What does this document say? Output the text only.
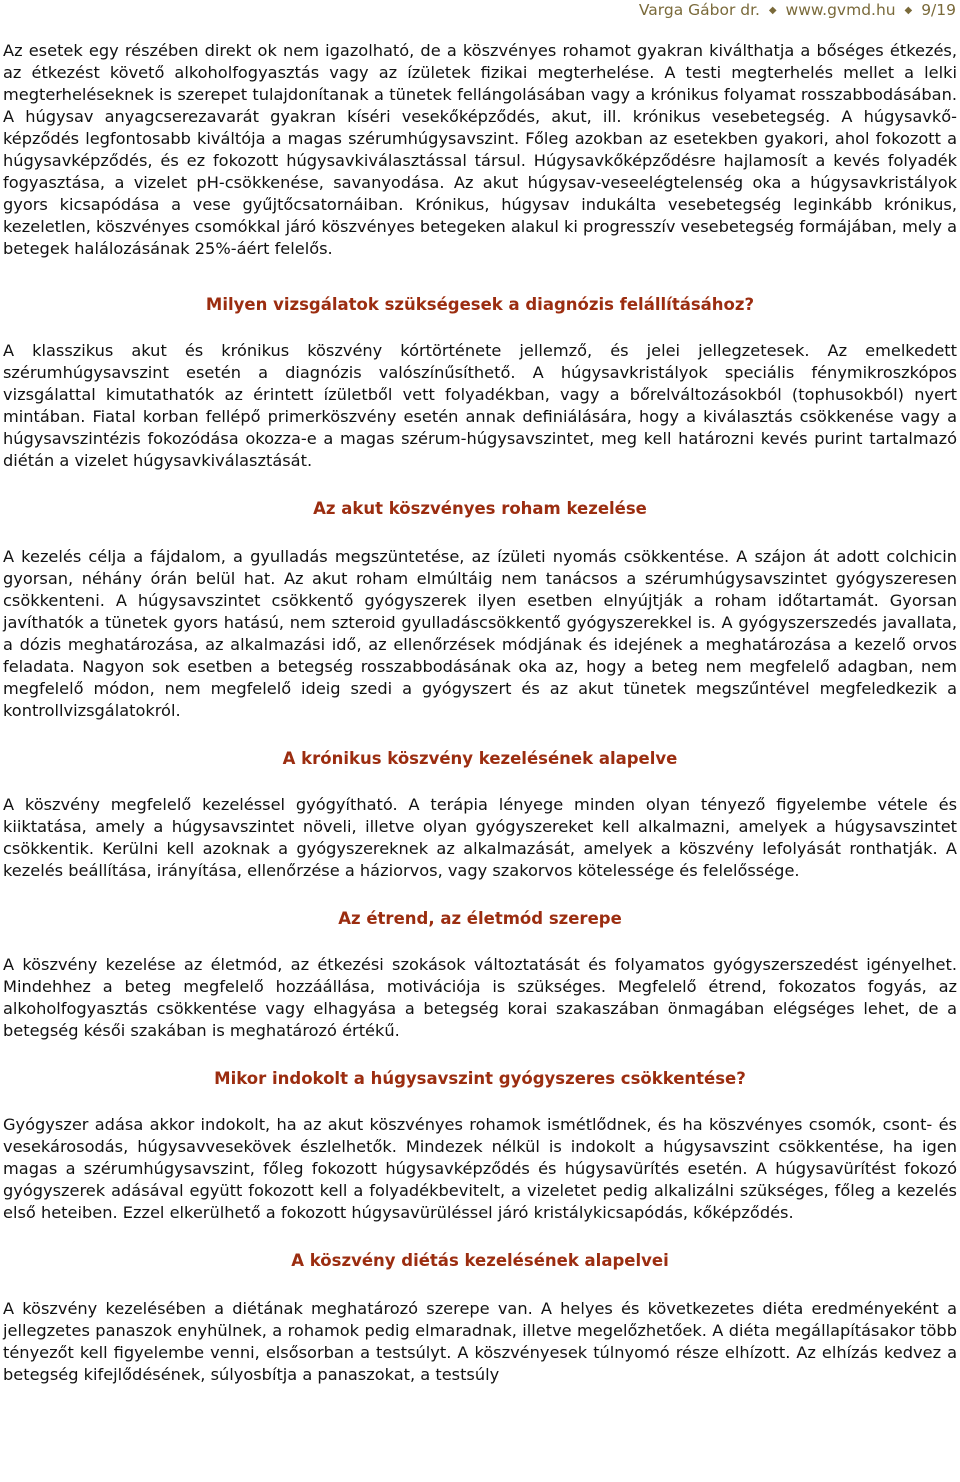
Varga Gábor dr. ◆ www.gvmd.hu ◆ 9/19

Az esetek egy részében direkt ok nem igazolható, de a köszvényes rohamot gyakran kiválthatja a bőséges étkezés, az étkezést követő alkoholfogyasztás vagy az ízületek fizikai megterhelése. A testi megterhelés mellet a lelki megterheléseknek is szerepet tulajdonítanak a tünetek fellángolásában vagy a krónikus folyamat rosszabbodásában. A húgysav anyagcserezavarát gyakran kíséri vesekőképződés, akut, ill. krónikus vesebetegség. A húgysavkő-képződés legfontosabb kiváltója a magas szérumhúgysavszint. Főleg azokban az esetekben gyakori, ahol fokozott a húgysavképződés, és ez fokozott húgysavkiválasztással társul. Húgysavkőképződésre hajlamosít a kevés folyadék fogyasztása, a vizelet pH-csökkenése, savanyodása. Az akut húgysav-veseelégtelenség oka a húgysavkristályok gyors kicsapódása a vese gyűjtőcsatornáiban. Krónikus, húgysav indukálta vesebetegség leginkább krónikus, kezeletlen, köszvényes csomókkal járó köszvényes betegeken alakul ki progresszív vesebetegség formájában, mely a betegek halálozásának 25%-áért felelős.

Milyen vizsgálatok szükségesek a diagnózis felállításához?

A klasszikus akut és krónikus köszvény kórtörténete jellemző, és jelei jellegzetesek. Az emelkedett szérumhúgysavszint esetén a diagnózis valószínűsíthető. A húgysavkristályok speciális fénymikroszkópos vizsgálattal kimutathatók az érintett ízületből vett folyadékban, vagy a bőrelváltozásokból (tophusokból) nyert mintában. Fiatal korban fellépő primerköszvény esetén annak definiálására, hogy a kiválasztás csökkenése vagy a húgysavszintézis fokozódása okozza-e a magas szérum-húgysavszintet, meg kell határozni kevés purint tartalmazó diétán a vizelet húgysavkiválasztását.

Az akut köszvényes roham kezelése

A kezelés célja a fájdalom, a gyulladás megszüntetése, az ízületi nyomás csökkentése. A szájon át adott colchicin gyorsan, néhány órán belül hat. Az akut roham elmúltáig nem tanácsos a szérumhúgysavszintet gyógyszeresen csökkenteni. A húgysavszintet csökkentő gyógyszerek ilyen esetben elnyújtják a roham időtartamát. Gyorsan javíthatók a tünetek gyors hatású, nem szteroid gyulladáscsökkentő gyógyszerekkel is. A gyógyszerszedés javallata, a dózis meghatározása, az alkalmazási idő, az ellenőrzések módjának és idejének a meghatározása a kezelő orvos feladata. Nagyon sok esetben a betegség rosszabbodásának oka az, hogy a beteg nem megfelelő adagban, nem megfelelő módon, nem megfelelő ideig szedi a gyógyszert és az akut tünetek megszűntével megfeledkezik a kontrollvizsgálatokról.

A krónikus köszvény kezelésének alapelve

A köszvény megfelelő kezeléssel gyógyítható. A terápia lényege minden olyan tényező figyelembe vétele és kiiktatása, amely a húgysavszintet növeli, illetve olyan gyógyszereket kell alkalmazni, amelyek a húgysavszintet csökkentik. Kerülni kell azoknak a gyógyszereknek az alkalmazását, amelyek a köszvény lefolyását ronthatják. A kezelés beállítása, irányítása, ellenőrzése a háziorvos, vagy szakorvos kötelessége és felelőssége.

Az étrend, az életmód szerepe

A köszvény kezelése az életmód, az étkezési szokások változtatását és folyamatos gyógyszerszedést igényelhet. Mindehhez a beteg megfelelő hozzáállása, motivációja is szükséges. Megfelelő étrend, fokozatos fogyás, az alkoholfogyasztás csökkentése vagy elhagyása a betegség korai szakaszában önmagában elégséges lehet, de a betegség késői szakában is meghatározó értékű.

Mikor indokolt a húgysavszint gyógyszeres csökkentése?

Gyógyszer adása akkor indokolt, ha az akut köszvényes rohamok ismétlődnek, és ha köszvényes csomók, csont- és vesekárosodás, húgysavvesekövek észlelhetők. Mindezek nélkül is indokolt a húgysavszint csökkentése, ha igen magas a szérumhúgysavszint, főleg fokozott húgysavképződés és húgysavürítés esetén. A húgysavürítést fokozó gyógyszerek adásával együtt fokozott kell a folyadékbevitelt, a vizeletet pedig alkalizálni szükséges, főleg a kezelés első heteiben. Ezzel elkerülhető a fokozott húgysavürüléssel járó kristálykicsapódás, kőképződés.

A köszvény diétás kezelésének alapelvei

A köszvény kezelésében a diétának meghatározó szerepe van. A helyes és következetes diéta eredményeként a jellegzetes panaszok enyhülnek, a rohamok pedig elmaradnak, illetve megelőzhetőek. A diéta megállapításakor több tényezőt kell figyelembe venni, elsősorban a testsúlyt. A köszvényesek túlnyomó része elhízott. Az elhízás kedvez a betegség kifejlődésének, súlyosbítja a panaszokat, a testsúly
